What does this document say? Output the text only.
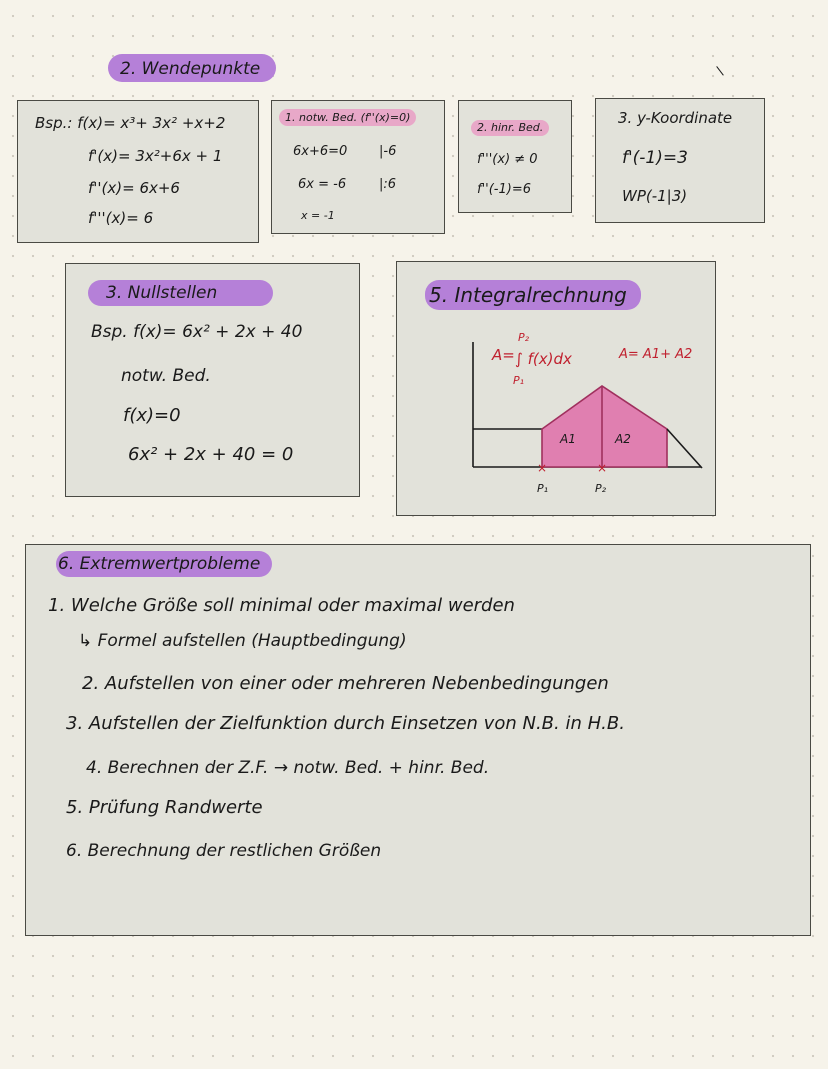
2. Wendepunkte	\
Bsp.: f(x)= x³+ 3x² +x+2
f'(x)= 3x²+6x + 1
f''(x)= 6x+6
f'''(x)= 6
1. notw. Bed. (f''(x)=0)
6x+6=0 |-6
6x = -6	|:6
x = -1
2. hinr. Bed.
f'''(x) ≠ 0
f''(-1)=6
3. y-Koordinate
f'(-1)=3
WP(-1|3)
3. Nullstellen
Bsp. f(x)= 6x² + 2x + 40
notw. Bed.
f(x)=0
6x² + 2x + 40 = 0
5. Integralrechnung
A=
P₂
∫ f(x)dx
P₁
A= A1+ A2
A1	A2
×	×
P₁	P₂
6. Extremwertprobleme
1. Welche Größe soll minimal oder maximal werden
↳ Formel aufstellen (Hauptbedingung)
2. Aufstellen von einer oder mehreren Nebenbedingungen
3. Aufstellen der Zielfunktion durch Einsetzen von N.B. in H.B.
4. Berechnen der Z.F. → notw. Bed. + hinr. Bed.
5. Prüfung Randwerte
6. Berechnung der restlichen Größen
